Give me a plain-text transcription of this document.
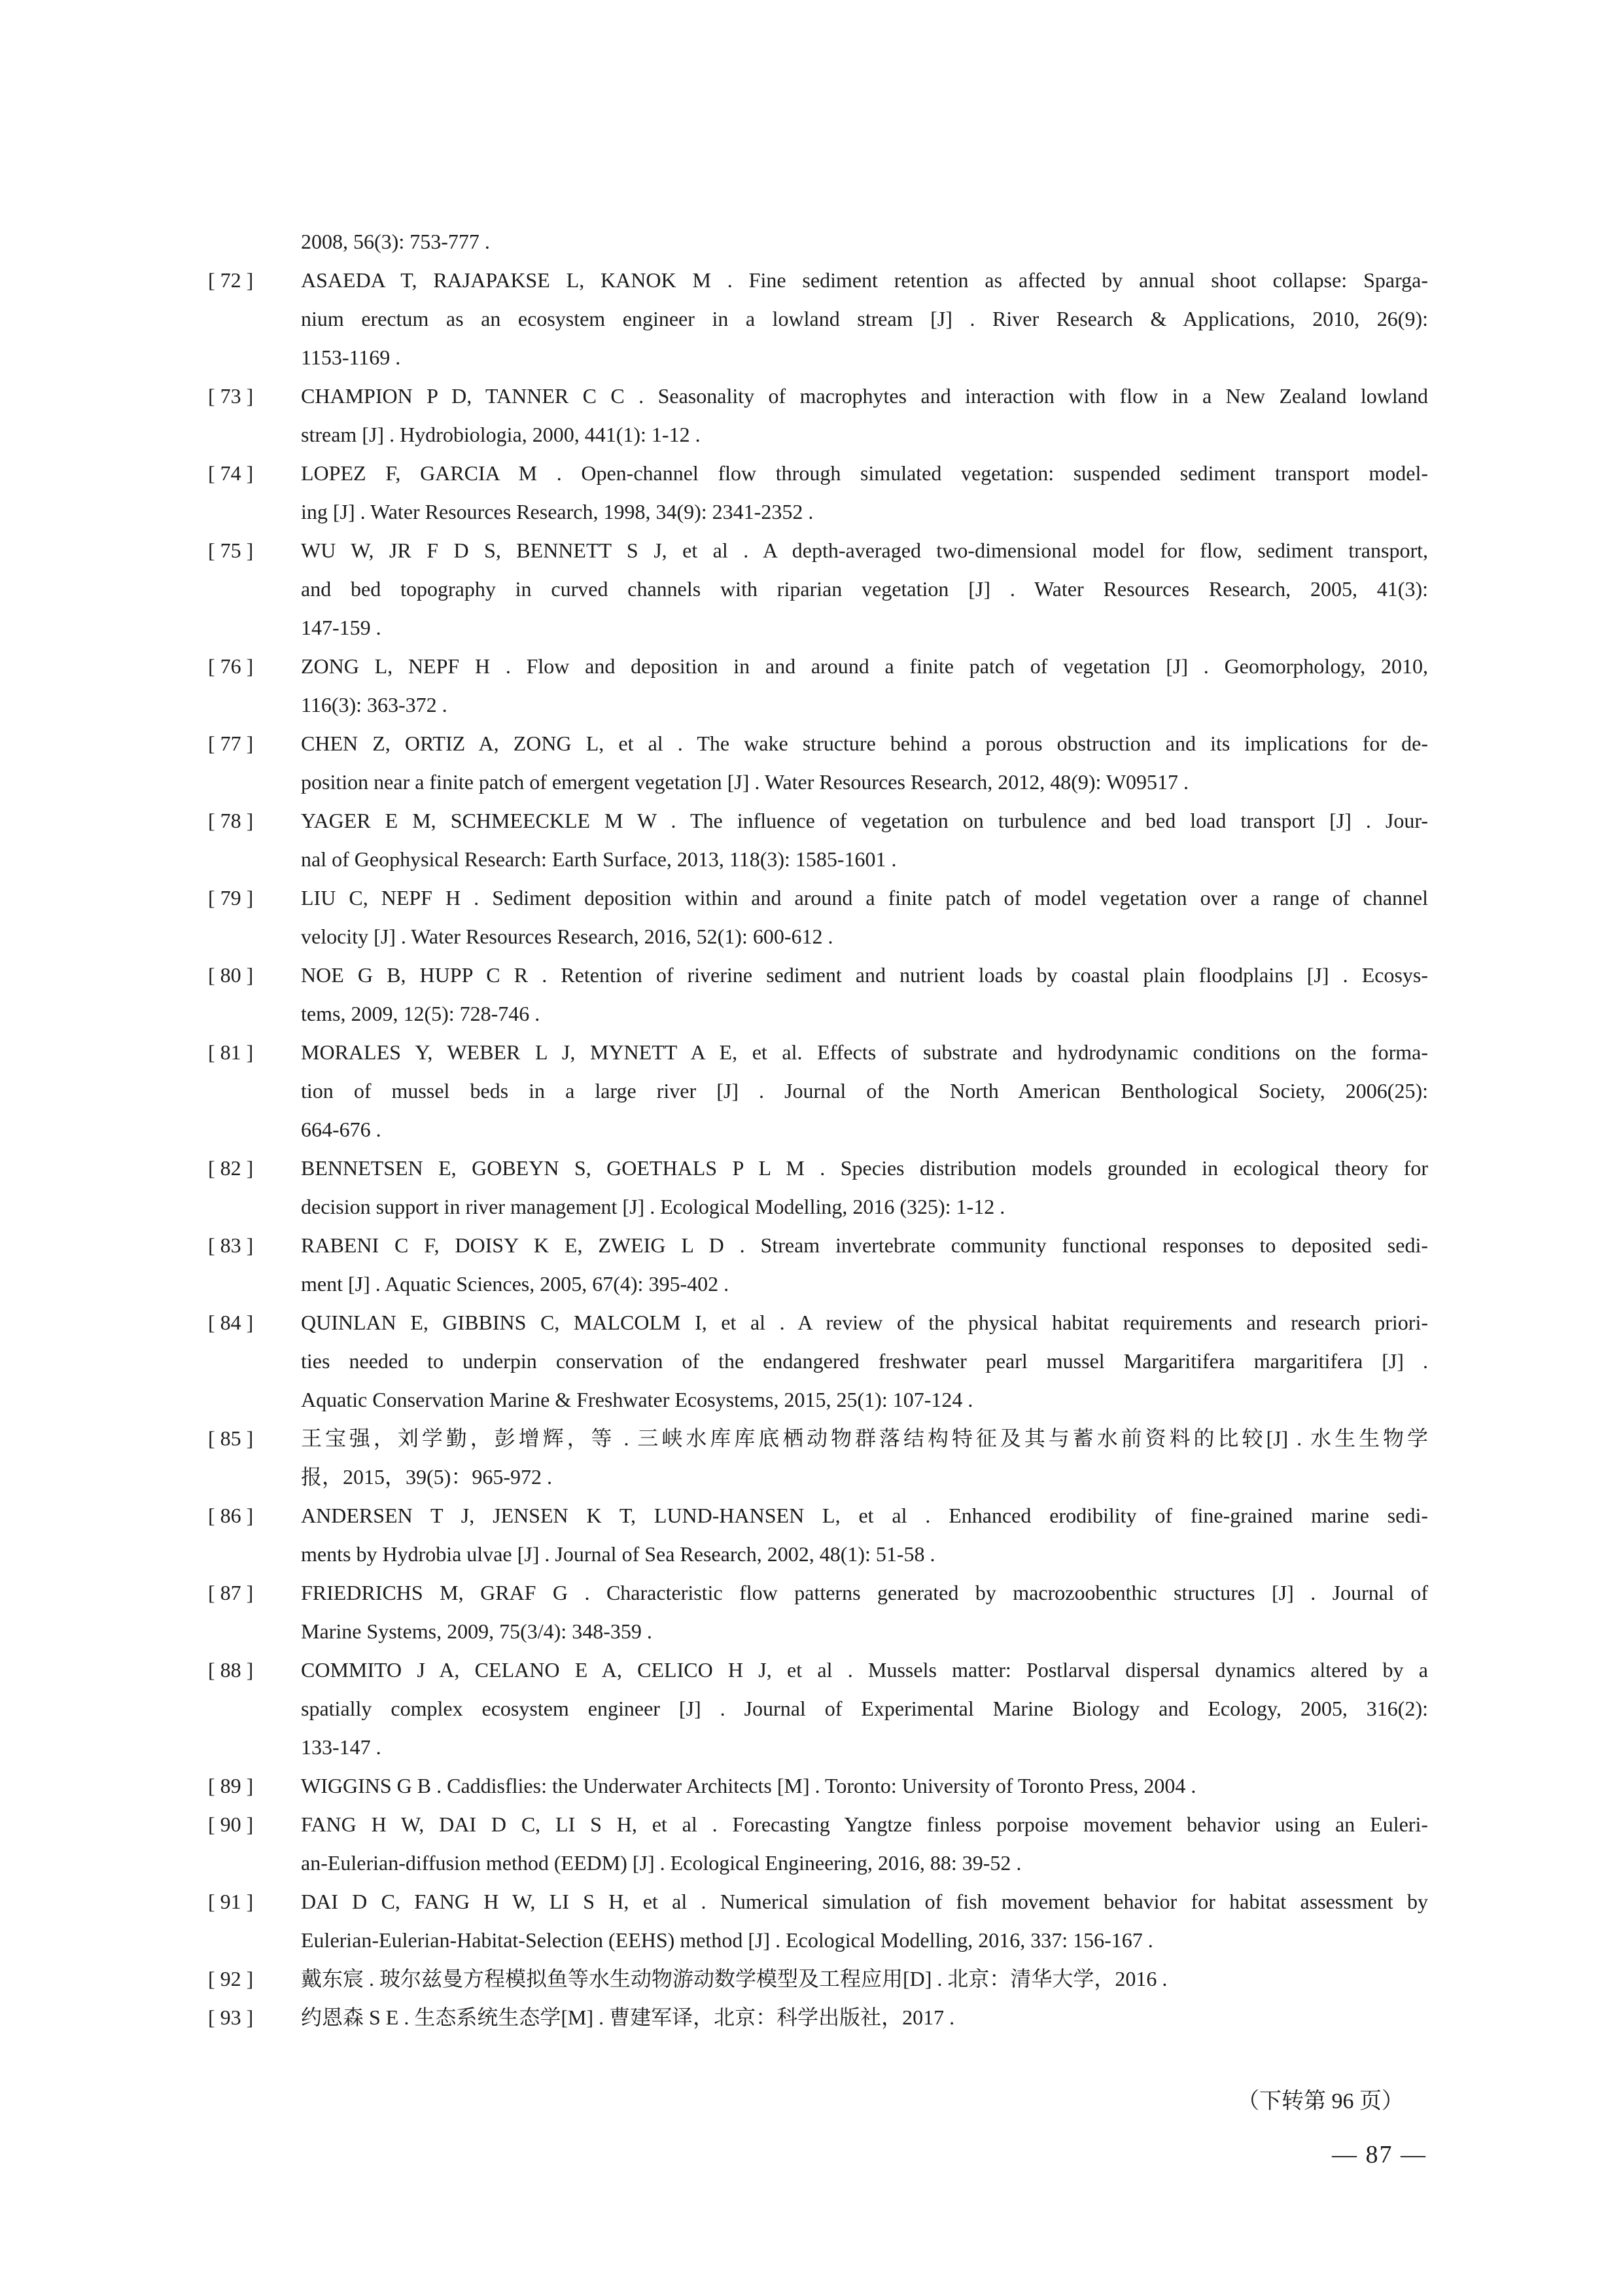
2008, 56(3): 753-777 .
[ 72 ]	ASAEDA T, RAJAPAKSE L, KANOK M . Fine sediment retention as affected by annual shoot collapse: Sparga-
nium erectum as an ecosystem engineer in a lowland stream [J] . River Research & Applications, 2010, 26(9):
1153-1169 .
[ 73 ]	CHAMPION P D, TANNER C C . Seasonality of macrophytes and interaction with flow in a New Zealand lowland
stream [J] . Hydrobiologia, 2000, 441(1): 1-12 .
[ 74 ]	LOPEZ F, GARCIA M . Open-channel flow through simulated vegetation: suspended sediment transport model-
ing [J] . Water Resources Research, 1998, 34(9): 2341-2352 .
[ 75 ]	WU W, JR F D S, BENNETT S J, et al . A depth-averaged two-dimensional model for flow, sediment transport,
and bed topography in curved channels with riparian vegetation [J] . Water Resources Research, 2005, 41(3):
147-159 .
[ 76 ]	ZONG L, NEPF H . Flow and deposition in and around a finite patch of vegetation [J] . Geomorphology, 2010,
116(3): 363-372 .
[ 77 ]	CHEN Z, ORTIZ A, ZONG L, et al . The wake structure behind a porous obstruction and its implications for de-
position near a finite patch of emergent vegetation [J] . Water Resources Research, 2012, 48(9): W09517 .
[ 78 ]	YAGER E M, SCHMEECKLE M W . The influence of vegetation on turbulence and bed load transport [J] . Jour-
nal of Geophysical Research: Earth Surface, 2013, 118(3): 1585-1601 .
[ 79 ]	LIU C, NEPF H . Sediment deposition within and around a finite patch of model vegetation over a range of channel
velocity [J] . Water Resources Research, 2016, 52(1): 600-612 .
[ 80 ]	NOE G B, HUPP C R . Retention of riverine sediment and nutrient loads by coastal plain floodplains [J] . Ecosys-
tems, 2009, 12(5): 728-746 .
[ 81 ]	MORALES Y, WEBER L J, MYNETT A E, et al. Effects of substrate and hydrodynamic conditions on the forma-
tion of mussel beds in a large river [J] . Journal of the North American Benthological Society, 2006(25):
664-676 .
[ 82 ]	BENNETSEN E, GOBEYN S, GOETHALS P L M . Species distribution models grounded in ecological theory for
decision support in river management [J] . Ecological Modelling, 2016 (325): 1-12 .
[ 83 ]	RABENI C F, DOISY K E, ZWEIG L D . Stream invertebrate community functional responses to deposited sedi-
ment [J] . Aquatic Sciences, 2005, 67(4): 395-402 .
[ 84 ]	QUINLAN E, GIBBINS C, MALCOLM I, et al . A review of the physical habitat requirements and research priori-
ties needed to underpin conservation of the endangered freshwater pearl mussel Margaritifera margaritifera [J] .
Aquatic Conservation Marine & Freshwater Ecosystems, 2015, 25(1): 107-124 .
[ 85 ]	王宝强，刘学勤，彭增辉，等 . 三峡水库库底栖动物群落结构特征及其与蓄水前资料的比较[J] . 水生生物学
报，2015，39(5)：965-972 .
[ 86 ]	ANDERSEN T J, JENSEN K T, LUND-HANSEN L, et al . Enhanced erodibility of fine-grained marine sedi-
ments by Hydrobia ulvae [J] . Journal of Sea Research, 2002, 48(1): 51-58 .
[ 87 ]	FRIEDRICHS M, GRAF G . Characteristic flow patterns generated by macrozoobenthic structures [J] . Journal of
Marine Systems, 2009, 75(3/4): 348-359 .
[ 88 ]	COMMITO J A, CELANO E A, CELICO H J, et al . Mussels matter: Postlarval dispersal dynamics altered by a
spatially complex ecosystem engineer [J] . Journal of Experimental Marine Biology and Ecology, 2005, 316(2):
133-147 .
[ 89 ]	WIGGINS G B . Caddisflies: the Underwater Architects [M] . Toronto: University of Toronto Press, 2004 .
[ 90 ]	FANG H W, DAI D C, LI S H, et al . Forecasting Yangtze finless porpoise movement behavior using an Euleri-
an-Eulerian-diffusion method (EEDM) [J] . Ecological Engineering, 2016, 88: 39-52 .
[ 91 ]	DAI D C, FANG H W, LI S H, et al . Numerical simulation of fish movement behavior for habitat assessment by
Eulerian-Eulerian-Habitat-Selection (EEHS) method [J] . Ecological Modelling, 2016, 337: 156-167 .
[ 92 ]	戴东宸 . 玻尔兹曼方程模拟鱼等水生动物游动数学模型及工程应用[D] . 北京：清华大学，2016 .
[ 93 ]	约恩森 S E . 生态系统生态学[M] . 曹建军译，北京：科学出版社，2017 .
（下转第 96 页）
— 87 —
